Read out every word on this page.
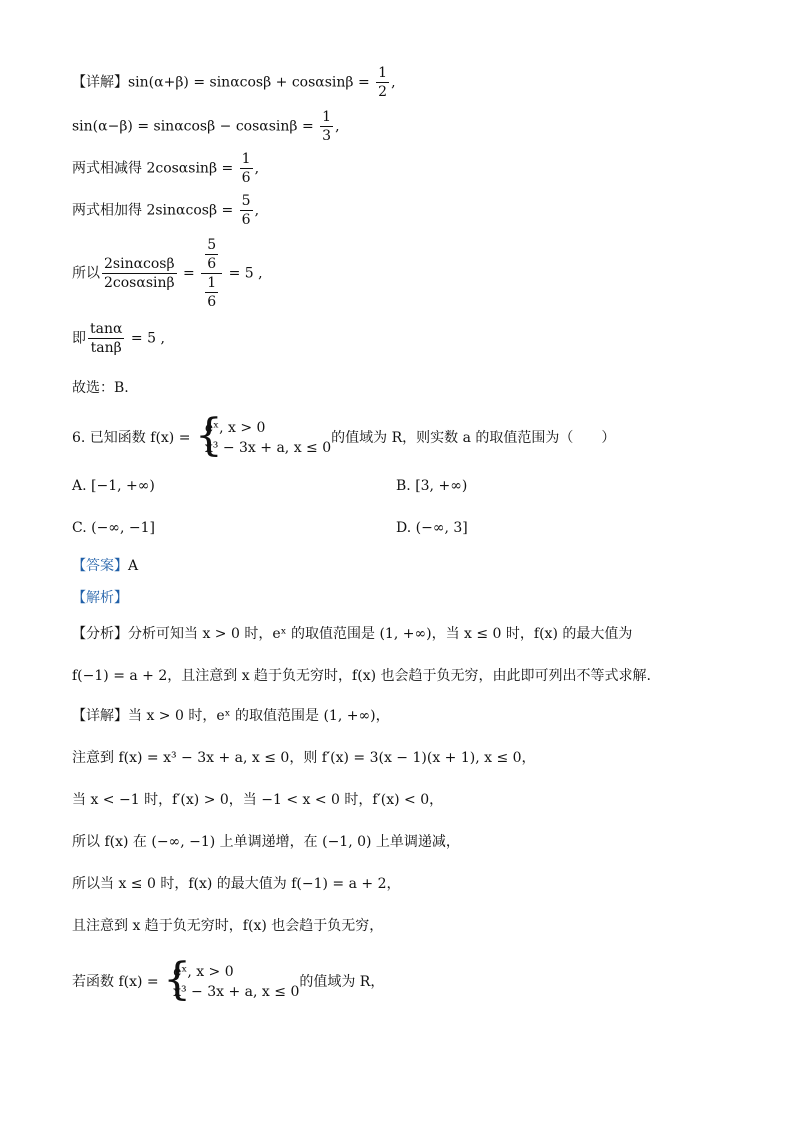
【详解】$\sin(\alpha+\beta) = \sin\alpha\cos\beta + \cos\alpha\sin\beta = \frac{1}{2}$ ,
$\sin(\alpha-\beta) = \sin\alpha\cos\beta - \cos\alpha\sin\beta = \frac{1}{3}$ ,
两式相减得 $2\cos\alpha\sin\beta = \frac{1}{6}$ ,
两式相加得 $2\sin\alpha\cos\beta = \frac{5}{6}$ ,
所以 $\frac{2\sin\alpha\cos\beta}{2\cos\alpha\sin\beta} = \frac{\frac{5}{6}}{\frac{1}{6}} = 5$ ,
即 $\frac{\tan\alpha}{\tan\beta} = 5$ ,
故选：B.
6. 已知函数 f(x) =
{ eˣ, x > 0
x³ − 3x + a, x ≤ 0
的值域为 R，则实数 a 的取值范围为（　　）
A. [−1, +∞)	B. [3, +∞)
C. (−∞, −1]	D. (−∞, 3]
【答案】A
【解析】
【分析】分析可知当 x > 0 时，eˣ 的取值范围是 (1, +∞)，当 x ≤ 0 时，f(x) 的最大值为
f(−1) = a + 2，且注意到 x 趋于负无穷时，f(x) 也会趋于负无穷，由此即可列出不等式求解.
【详解】当 x > 0 时，eˣ 的取值范围是 (1, +∞)，
注意到 f(x) = x³ − 3x + a, x ≤ 0，则 f′(x) = 3(x − 1)(x + 1), x ≤ 0，
当 x < −1 时，f′(x) > 0，当 −1 < x < 0 时，f′(x) < 0，
所以 f(x) 在 (−∞, −1) 上单调递增，在 (−1, 0) 上单调递减，
所以当 x ≤ 0 时，f(x) 的最大值为 f(−1) = a + 2，
且注意到 x 趋于负无穷时，f(x) 也会趋于负无穷，
若函数 f(x) =
{ eˣ, x > 0
x³ − 3x + a, x ≤ 0
的值域为 R，
